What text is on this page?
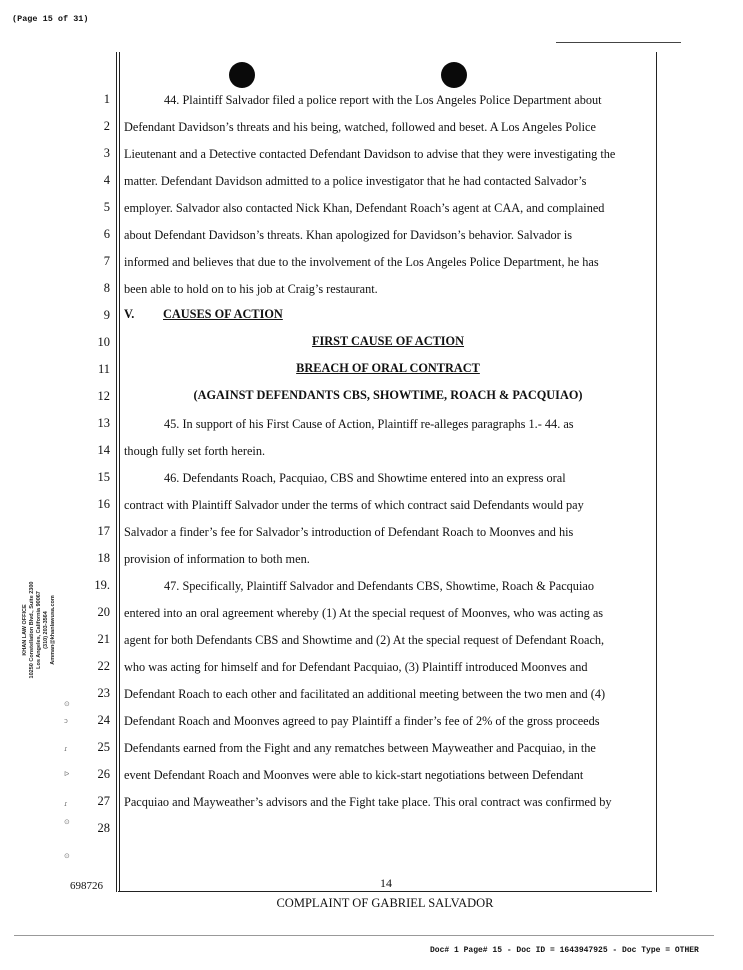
(Page 15 of 31)
1
2
3
4
5
6
7
8
9
10
11
12
13
14
15
16
17
18
19.
20
21
22
23
24
25
26
27
28
44. Plaintiff Salvador filed a police report with the Los Angeles Police Department about
Defendant Davidson’s threats and his being, watched, followed and beset. A Los Angeles Police
Lieutenant and a Detective contacted Defendant Davidson to advise that they were investigating the
matter. Defendant Davidson admitted to a police investigator that he had contacted Salvador’s
employer. Salvador also contacted Nick Khan, Defendant Roach’s agent at CAA, and complained
about Defendant Davidson’s threats. Khan apologized for Davidson’s behavior. Salvador is
informed and believes that due to the involvement of the Los Angeles Police Department, he has
been able to hold on to his job at Craig’s restaurant.
45. In support of his First Cause of Action, Plaintiff re-alleges paragraphs 1.- 44. as
though fully set forth herein.
46. Defendants Roach, Pacquiao, CBS and Showtime entered into an express oral
contract with Plaintiff Salvador under the terms of which contract said Defendants would pay
Salvador a finder’s fee for Salvador’s introduction of Defendant Roach to Moonves and his
provision of information to both men.
47. Specifically, Plaintiff Salvador and Defendants CBS, Showtime, Roach & Pacquiao
entered into an oral agreement whereby (1) At the special request of Moonves, who was acting as
agent for both Defendants CBS and Showtime and (2) At the special request of Defendant Roach,
who was acting for himself and for Defendant Pacquiao, (3) Plaintiff introduced Moonves and
Defendant Roach to each other and facilitated an additional meeting between the two men and (4)
Defendant Roach and Moonves agreed to pay Plaintiff a finder’s fee of 2% of the gross proceeds
Defendants earned from the Fight and any rematches between Mayweather and Pacquiao, in the
event Defendant Roach and Moonves were able to kick-start negotiations between Defendant
Pacquiao and Mayweather’s advisors and the Fight take place. This oral contract was confirmed by
V. CAUSES OF ACTION
FIRST CAUSE OF ACTION
BREACH OF ORAL CONTRACT
(AGAINST DEFENDANTS CBS, SHOWTIME, ROACH & PACQUIAO)
KHAN LAW OFFICE 10250 Constellation Blvd., Suite 2300 Los Angeles, California 90067 (310) 203-3564 Amman@khanlawusa.com
⊙
ↄ
ɾ
ᐅ
ɾ
⊙
⊙
698726	14
COMPLAINT OF GABRIEL SALVADOR
Doc# 1 Page# 15 - Doc ID = 1643947925 - Doc Type = OTHER
